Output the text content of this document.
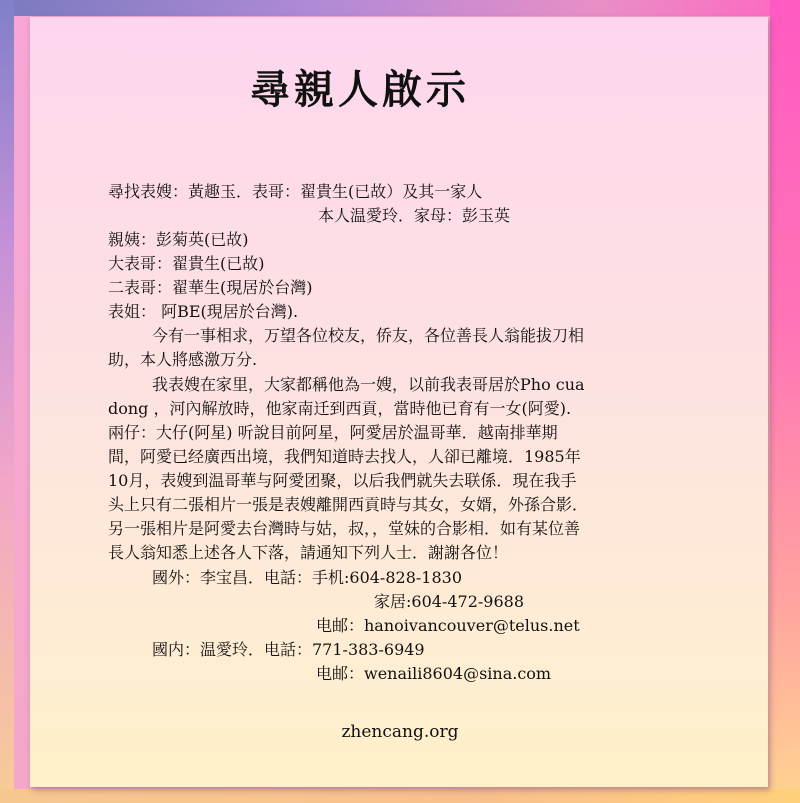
尋親人啟示
尋找表嫂：黃趣玉．表哥：翟貴生(已故）及其一家人
本人温愛玲．家母：彭玉英
親姨：彭菊英(已故)
大表哥：翟貴生(已故)
二表哥：翟華生(現居於台灣)
表姐： 阿BE(現居於台灣).
今有一事相求，万望各位校友，侨友，各位善長人翁能拔刀相
助，本人將感激万分.
我表嫂在家里，大家都稱他為一嫂，以前我表哥居於Pho cua
dong ，河內解放時，他家南迁到西貢，當時他已育有一女(阿愛).
兩仔：大仔(阿星) 听說目前阿星，阿愛居於温哥華．越南排華期
間，阿愛已经廣西出境，我們知道時去找人，人卻已離境．1985年
10月，表嫂到温哥華与阿愛团聚，以后我們就失去联係．現在我手
头上只有二張相片一張是表嫂離開西貢時与其女，女婿，外孫合影．
另一張相片是阿愛去台灣時与姑，叔，，堂妹的合影相．如有某位善
長人翁知悉上述各人下落，請通知下列人士．謝謝各位！
國外：李宝昌．电話：手机:604-828-1830
家居:604-472-9688
电邮：hanoivancouver@telus.net
國内：温愛玲．电話：771-383-6949
电邮：wenaili8604@sina.com
zhencang.org
